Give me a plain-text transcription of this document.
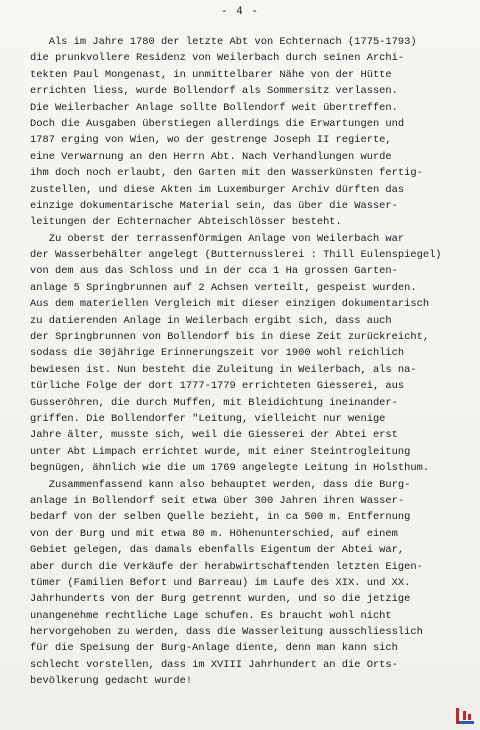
- 4 -
Als im Jahre 1780 der letzte Abt von Echternach (1775-1793)
die prunkvollere Residenz von Weilerbach durch seinen Archi-
tekten Paul Mongenast, in unmittelbarer Nähe von der Hütte
errichten liess, wurde Bollendorf als Sommersitz verlassen.
Die Weilerbacher Anlage sollte Bollendorf weit übertreffen.
Doch die Ausgaben überstiegen allerdings die Erwartungen und
1787 erging von Wien, wo der gestrenge Joseph II regierte,
eine Verwarnung an den Herrn Abt. Nach Verhandlungen wurde
ihm doch noch erlaubt, den Garten mit den Wasserkünsten fertig-
zustellen, und diese Akten im Luxemburger Archiv dürften das
einzige dokumentarische Material sein, das über die Wasser-
leitungen der Echternacher Abteischlösser besteht.
Zu oberst der terrassenförmigen Anlage von Weilerbach war
der Wasserbehälter angelegt (Butternusslerei : Thill Eulenspiegel)
von dem aus das Schloss und in der cca 1 Ha grossen Garten-
anlage 5 Springbrunnen auf 2 Achsen verteilt, gespeist wurden.
Aus dem materiellen Vergleich mit dieser einzigen dokumentarisch
zu datierenden Anlage in Weilerbach ergibt sich, dass auch
der Springbrunnen von Bollendorf bis in diese Zeit zurückreicht,
sodass die 30jährige Erinnerungszeit vor 1900 wohl reichlich
bewiesen ist. Nun besteht die Zuleitung in Weilerbach, als na-
türliche Folge der dort 1777-1779 errichteten Giesserei, aus
Gusseröhren, die durch Muffen, mit Bleidichtung ineinander-
griffen. Die Bollendorfer "Leitung, vielleicht nur wenige
Jahre älter, musste sich, weil die Giesserei der Abtei erst
unter Abt Limpach errichtet wurde, mit einer Steintrogleitung
begnügen, ähnlich wie die um 1769 angelegte Leitung in Holsthum.
Zusammenfassend kann also behauptet werden, dass die Burg-
anlage in Bollendorf seit etwa über 300 Jahren ihren Wasser-
bedarf von der selben Quelle bezieht, in ca 500 m. Entfernung
von der Burg und mit etwa 80 m. Höhenunterschied, auf einem
Gebiet gelegen, das damals ebenfalls Eigentum der Abtei war,
aber durch die Verkäufe der herabwirtschaftenden letzten Eigen-
tümer (Familien Befort und Barreau) im Laufe des XIX. und XX.
Jahrhunderts von der Burg getrennt wurden, und so die jetzige
unangenehme rechtliche Lage schufen. Es braucht wohl nicht
hervorgehoben zu werden, dass die Wasserleitung ausschliesslich
für die Speisung der Burg-Anlage diente, denn man kann sich
schlecht vorstellen, dass im XVIII Jahrhundert an die Orts-
bevölkerung gedacht wurde!
